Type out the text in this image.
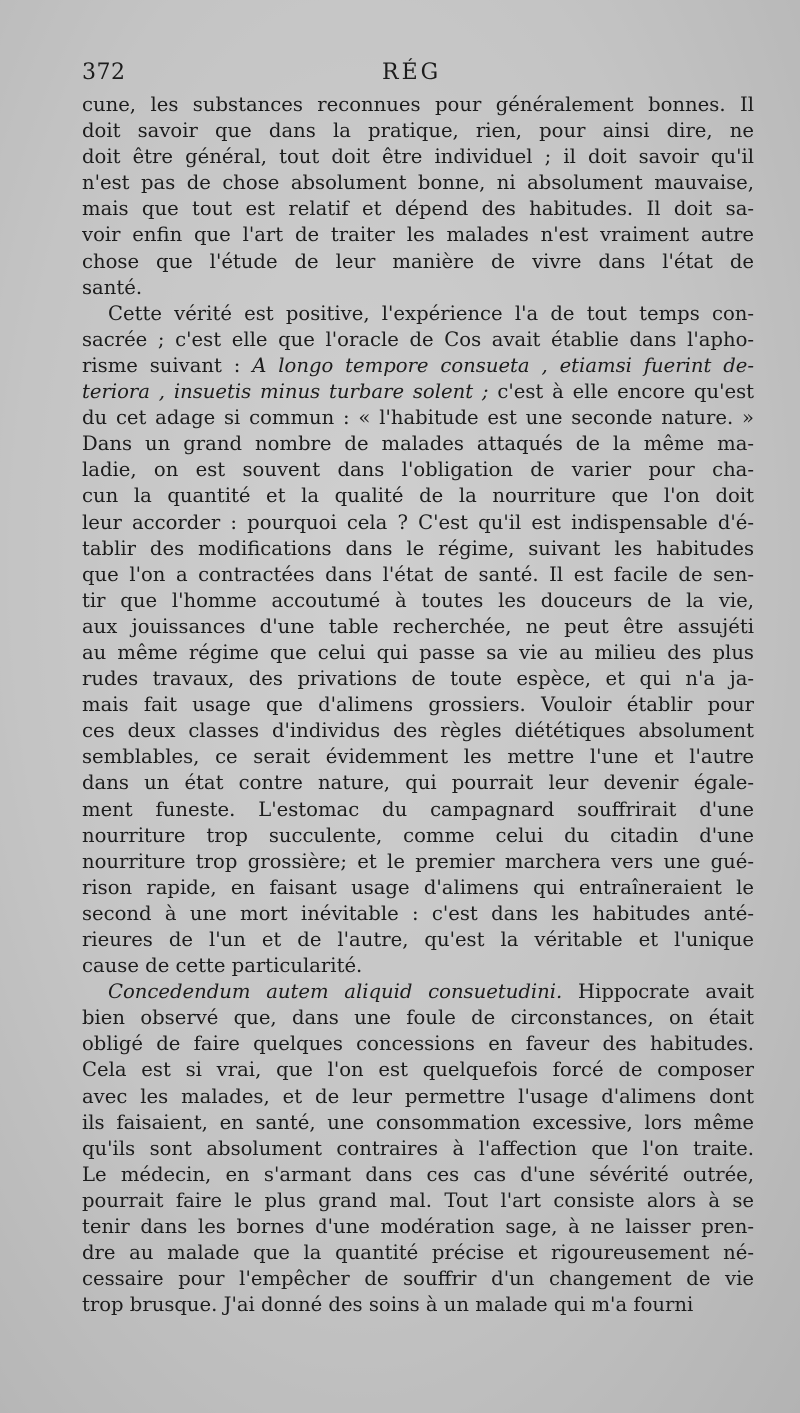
372	RÉG
cune, les substances reconnues pour généralement bonnes. Il
doit savoir que dans la pratique, rien, pour ainsi dire, ne
doit être général, tout doit être individuel ; il doit savoir qu'il
n'est pas de chose absolument bonne, ni absolument mauvaise,
mais que tout est relatif et dépend des habitudes. Il doit sa-
voir enfin que l'art de traiter les malades n'est vraiment autre
chose que l'étude de leur manière de vivre dans l'état de
santé.
Cette vérité est positive, l'expérience l'a de tout temps con-
sacrée ; c'est elle que l'oracle de Cos avait établie dans l'apho-
risme suivant : A longo tempore consueta , etiamsi fuerint de-
teriora , insuetis minus turbare solent ; c'est à elle encore qu'est
du cet adage si commun : « l'habitude est une seconde nature. »
Dans un grand nombre de malades attaqués de la même ma-
ladie, on est souvent dans l'obligation de varier pour cha-
cun la quantité et la qualité de la nourriture que l'on doit
leur accorder : pourquoi cela ? C'est qu'il est indispensable d'é-
tablir des modifications dans le régime, suivant les habitudes
que l'on a contractées dans l'état de santé. Il est facile de sen-
tir que l'homme accoutumé à toutes les douceurs de la vie,
aux jouissances d'une table recherchée, ne peut être assujéti
au même régime que celui qui passe sa vie au milieu des plus
rudes travaux, des privations de toute espèce, et qui n'a ja-
mais fait usage que d'alimens grossiers. Vouloir établir pour
ces deux classes d'individus des règles diététiques absolument
semblables, ce serait évidemment les mettre l'une et l'autre
dans un état contre nature, qui pourrait leur devenir égale-
ment funeste. L'estomac du campagnard souffrirait d'une
nourriture trop succulente, comme celui du citadin d'une
nourriture trop grossière; et le premier marchera vers une gué-
rison rapide, en faisant usage d'alimens qui entraîneraient le
second à une mort inévitable : c'est dans les habitudes anté-
rieures de l'un et de l'autre, qu'est la véritable et l'unique
cause de cette particularité.
Concedendum autem aliquid consuetudini. Hippocrate avait
bien observé que, dans une foule de circonstances, on était
obligé de faire quelques concessions en faveur des habitudes.
Cela est si vrai, que l'on est quelquefois forcé de composer
avec les malades, et de leur permettre l'usage d'alimens dont
ils faisaient, en santé, une consommation excessive, lors même
qu'ils sont absolument contraires à l'affection que l'on traite.
Le médecin, en s'armant dans ces cas d'une sévérité outrée,
pourrait faire le plus grand mal. Tout l'art consiste alors à se
tenir dans les bornes d'une modération sage, à ne laisser pren-
dre au malade que la quantité précise et rigoureusement né-
cessaire pour l'empêcher de souffrir d'un changement de vie
trop brusque. J'ai donné des soins à un malade qui m'a fourni
